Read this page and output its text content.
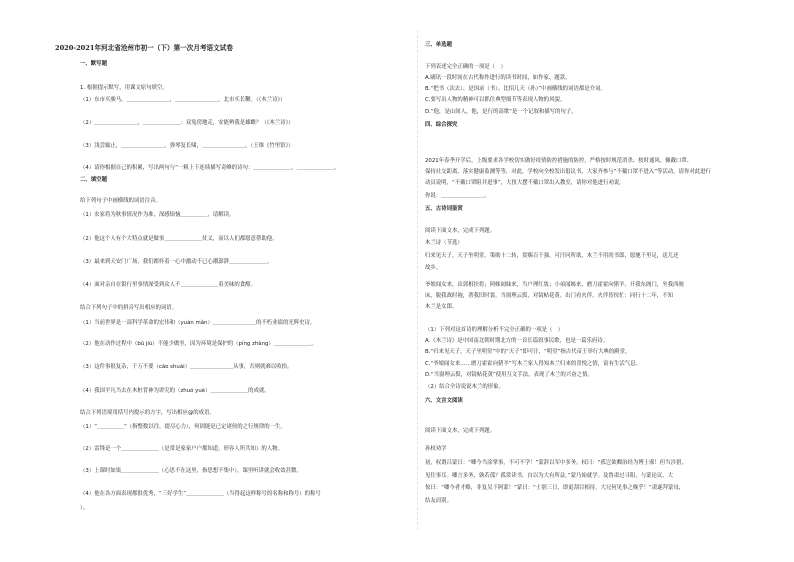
2020-2021年河北省沧州市初一（下）第一次月考语文试卷
一、默写题
1. 根据提示默写，用课文原句填空。
（1）东市买骏马，＿＿＿＿＿＿＿＿，＿＿＿＿＿＿＿＿，北市买长鞭。（《木兰诗》）
（2）＿＿＿＿＿＿＿＿，＿＿＿＿＿＿＿：双兔傍地走，安能辨我是雄雌？（《木兰诗》）
（3）浅尝辄止，＿＿＿＿＿＿＿＿，弹琴复长啸，＿＿＿＿＿＿＿＿。（王维《竹里馆》）
（4）请你根据自己的积累，写出两句与“一粗上下连续描写奇峰的诗句：＿＿＿＿＿＿＿，＿＿＿＿＿＿＿。
二、填空题
给下列句子中画横线的词语注音。
（1）农家将为秋事情况作为准，深感烦恼＿＿＿＿＿，请解读。
（2）他这个人有个大特点就是做事＿＿＿＿＿＿＿仗义，而以人们都愿意帮助他。
（3）最来到天安门广场，我们都怀着一心中激动不已心潮澎湃＿＿＿＿＿＿＿。
（4）面对亲自在银行里事情深受到众人不＿＿＿＿＿＿＿着美味的食醇。
结合下列句子中的拼音写出相应的词语。
（1）当前世界是一部科学革命的宏伟和（yuán mǎn）＿＿＿＿＿＿＿＿的不朽业绩的光辉史诗。
（2）他在动作过程中（bǔ jiù）不能少做坐，因为环境是保护的（píng zhàng）＿＿＿＿＿＿＿。
（3）这件事很复杂，千万不要（cāo shuài）＿＿＿＿＿＿＿＿从事，否则就难以收拾。
（4）我国平凡当去在木桩背神为讲究的（zhuó yuè）＿＿＿＿＿＿＿的成就。
结合下列语境用括号内提示的方字，写出相应@的成语。
（1）“＿＿＿＿＿”（指整数以往，提尽心力），何固能是已定诸侯的之行规律的一生。
（2）雷锋是一个＿＿＿＿＿＿＿（是常是家家户户都知道，形容人所共知）的人物。
（3）上课时如果＿＿＿＿＿＿＿（心思不在这里，指思想不集中），课里听讲就会收效甚微。
（4）他在各方面表现都很优秀，“三好学生”＿＿＿＿＿＿＿（当得起这样称号的名称和称号）的称号
）。
三、单选题
下列表述完全正确的一项是（　）
A.刷讯一段时间在古代称作进行的读书时间，如作家、题款。
B.“把书（次去）、是国录（书）、比招几天（孙）”中画横线的词语都是介词。
C.要写出人物的精神可以抓住典型细节等表现人物的风貌。
D.“他，是山间人，他，是行的高歌”是一个记叙和描写的句子。
四、综合探究
2021年春季开学后，上级要求各学校切实做好疫情防控措施的防控，严格按时规范消杀、按时通风、佩戴口罩、
保持社交距离、落实健康监测等等，对此，学校向全校发出倡议书，大家齐参与“不戴口罩不进入”等活动，请你对此进行
动员说明，“不戴口罩阻并进事”，大扭大摆不戴口罩出入教室，请你对他进行劝说。
你说：＿＿＿＿＿＿＿＿。
五、古诗词鉴赏
阅读下面文本，完成下列题。
木兰诗（节选）
归来见天子，天子坐明堂。策勋十二转，赏赐百千强。可汗问所欲，木兰不用尚书郎，愿驰千里足，送儿还
故乡。
爷娘闻女来，出郭相扶将；阿姊闻妹来，当户理红妆；小弟闻姊来，磨刀霍霍向猪羊。开我东阁门，坐我西阁
床，脱我战时袍，著我旧时裳。当窗理云鬓，对镜帖花黄。出门看火伴，火伴皆惊忙：同行十二年，不知
木兰是女郎。
（1）下列对这首诗的理解分析不完全正确的一项是（　）
A.《木兰诗》是中国南北朝时期北方的一首长篇叙事民歌，也是一篇乐府诗。
B.“归来见天子，天子坐明堂”中的“天子”即可汗，“明堂”指古代帝王举行大典的殿堂。
C.“爷娘闻女来……磨刀霍霍向猪羊”写木兰家人得知木兰归来的喜悦之情，富有生活气息。
D.“当窗理云鬓，对镜帖花黄”使用互文手法，表现了木兰的兴奋之情。
（2）结合全诗说说木兰的形象。
六、文言文阅读
阅读下面文本，完成下列题。
孙权劝学
初，权谓吕蒙曰：“卿今当涂掌事，不可不学！”蒙辞以军中多务。权曰：“孤岂欲卿治经为博士邪！但当涉猎，
见往事耳。卿言多务，孰若孤？孤常读书，自以为大有所益。”蒙乃始就学。及鲁肃过寻阳，与蒙论议，大
惊曰：“卿今者才略，非复吴下阿蒙！”蒙曰：“士别三日，即更刮目相待，大兄何见事之晚乎！”肃遂拜蒙母，
结友而别。
